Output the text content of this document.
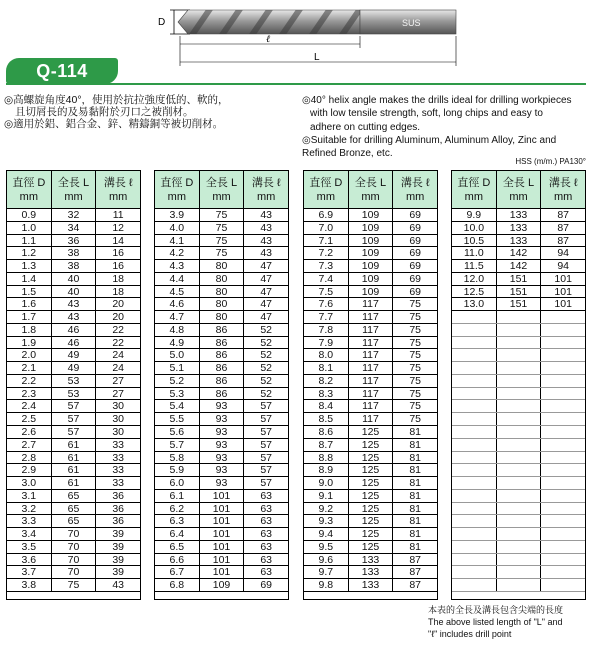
D	SUS
ℓ
L
Q-114
◎高螺旋角度40°，使用於抗拉強度低的、軟的，
且切屑長的及易黏附於刃口之被削材。
◎適用於鋁、鋁合金、鋅、精鑄銅等被切削材。
◎40° helix angle makes the drills ideal for drilling workpieces
with low tensile strength, soft, long chips and easy to
adhere on cutting edges.
◎Suitable for drilling Aluminum, Aluminum Alloy, Zinc and
Refined Bronze, etc.
HSS (m/m.) PA130°
直徑 D
mm
全長 L
mm
溝長 ℓ
mm
0.9	32	11
1.0	34	12
1.1	36	14
1.2	38	16
1.3	38	16
1.4	40	18
1.5	40	18
1.6	43	20
1.7	43	20
1.8	46	22
1.9	46	22
2.0	49	24
2.1	49	24
2.2	53	27
2.3	53	27
2.4	57	30
2.5	57	30
2.6	57	30
2.7	61	33
2.8	61	33
2.9	61	33
3.0	61	33
3.1	65	36
3.2	65	36
3.3	65	36
3.4	70	39
3.5	70	39
3.6	70	39
3.7	70	39
3.8	75	43
直徑 D
mm
全長 L
mm
溝長 ℓ
mm
3.9	75	43
4.0	75	43
4.1	75	43
4.2	75	43
4.3	80	47
4.4	80	47
4.5	80	47
4.6	80	47
4.7	80	47
4.8	86	52
4.9	86	52
5.0	86	52
5.1	86	52
5.2	86	52
5.3	86	52
5.4	93	57
5.5	93	57
5.6	93	57
5.7	93	57
5.8	93	57
5.9	93	57
6.0	93	57
6.1	101	63
6.2	101	63
6.3	101	63
6.4	101	63
6.5	101	63
6.6	101	63
6.7	101	63
6.8	109	69
直徑 D
mm
全長 L
mm
溝長 ℓ
mm
6.9	109	69
7.0	109	69
7.1	109	69
7.2	109	69
7.3	109	69
7.4	109	69
7.5	109	69
7.6	117	75
7.7	117	75
7.8	117	75
7.9	117	75
8.0	117	75
8.1	117	75
8.2	117	75
8.3	117	75
8.4	117	75
8.5	117	75
8.6	125	81
8.7	125	81
8.8	125	81
8.9	125	81
9.0	125	81
9.1	125	81
9.2	125	81
9.3	125	81
9.4	125	81
9.5	125	81
9.6	133	87
9.7	133	87
9.8	133	87
直徑 D
mm
全長 L
mm
溝長 ℓ
mm
9.9	133	87
10.0	133	87
10.5	133	87
11.0	142	94
11.5	142	94
12.0	151	101
12.5	151	101
13.0	151	101
本表的全長及溝長包含尖端的長度
The above listed length of "L" and
"ℓ" includes drill point
